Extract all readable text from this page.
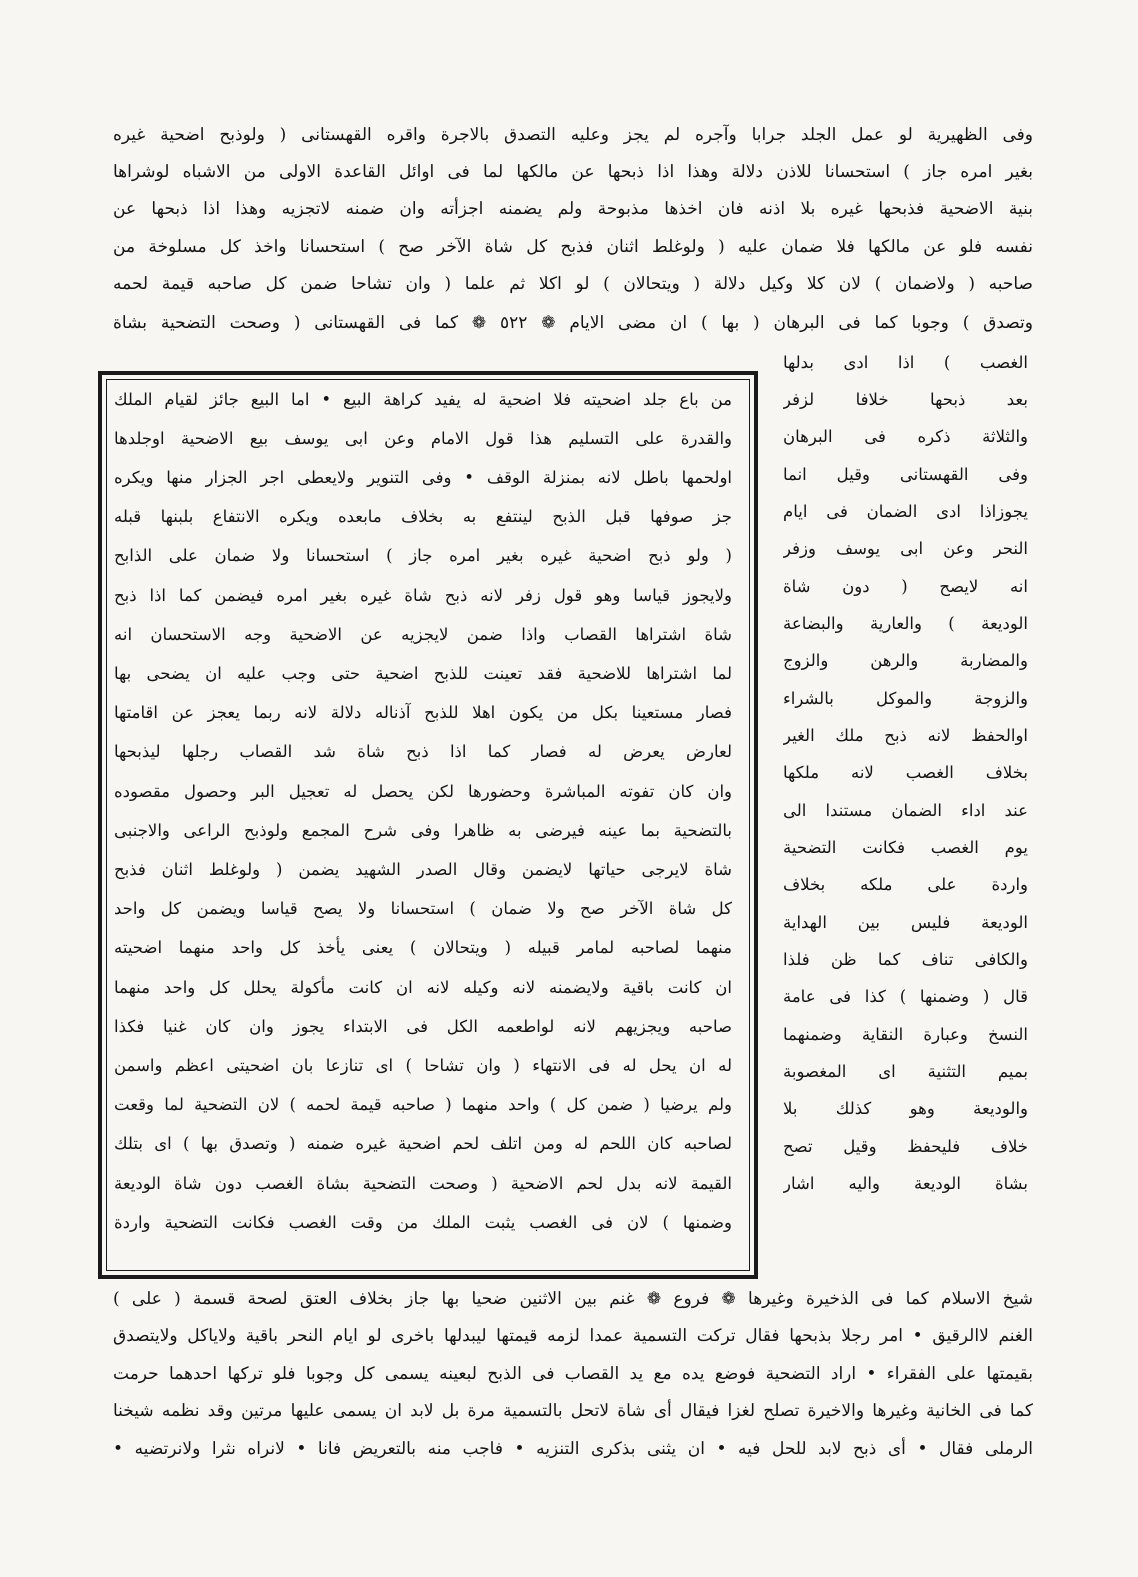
وفى الظهيرية لو عمل الجلد جرابا وآجره لم يجز وعليه التصدق بالاجرة واقره القهستانى ( ولوذبح اضحية غيره
بغير امره جاز ) استحسانا للاذن دلالة وهذا اذا ذبحها عن مالكها لما فى اوائل القاعدة الاولى من الاشباه لوشراها
بنية الاضحية فذبحها غيره بلا اذنه فان اخذها مذبوحة ولم يضمنه اجزأته وان ضمنه لاتجزيه وهذا اذا ذبحها عن
نفسه فلو عن مالكها فلا ضمان عليه ( ولوغلط اثنان فذبح كل شاة الآخر صح ) استحسانا واخذ كل مسلوخة من
صاحبه ( ولاضمان ) لان كلا وكيل دلالة ( ويتحالان ) لو اكلا ثم علما ( وان تشاحا ضمن كل صاحبه قيمة لحمه
وتصدق ) وجوبا كما فى البرهان ( بها ) ان مضى الايام ❁ ٥٢٢ ❁ كما فى القهستانى ( وصحت التضحية بشاة
الغصب ) اذا ادى بدلها
بعد ذبحها خلافا لزفر
والثلاثة ذكره فى البرهان
وفى القهستانى وقيل انما
يجوزاذا ادى الضمان فى ايام
النحر وعن ابى يوسف وزفر
انه لايصح ( دون شاة
الوديعة ) والعارية والبضاعة
والمضاربة والرهن والزوج
والزوجة والموكل بالشراء
اوالحفظ لانه ذبح ملك الغير
بخلاف الغصب لانه ملكها
عند اداء الضمان مستندا الى
يوم الغصب فكانت التضحية
واردة على ملكه بخلاف
الوديعة فليس بين الهداية
والكافى تناف كما ظن فلذا
قال ( وضمنها ) كذا فى عامة
النسخ وعبارة النقاية وضمنهما
بميم التثنية اى المغصوبة
والوديعة وهو كذلك بلا
خلاف فليحفظ وقيل تصح
بشاة الوديعة واليه اشار
من باع جلد اضحيته فلا اضحية له يفيد كراهة البيع • اما البيع جائز لقيام الملك
والقدرة على التسليم هذا قول الامام وعن ابى يوسف بيع الاضحية اوجلدها
اولحمها باطل لانه بمنزلة الوقف • وفى التنوير ولايعطى اجر الجزار منها ويكره
جز صوفها قبل الذبح لينتفع به بخلاف مابعده ويكره الانتفاع بلبنها قبله
( ولو ذبح اضحية غيره بغير امره جاز ) استحسانا ولا ضمان على الذابح
ولايجوز قياسا وهو قول زفر لانه ذبح شاة غيره بغير امره فيضمن كما اذا ذبح
شاة اشتراها القصاب واذا ضمن لايجزيه عن الاضحية وجه الاستحسان انه
لما اشتراها للاضحية فقد تعينت للذبح اضحية حتى وجب عليه ان يضحى بها
فصار مستعينا بكل من يكون اهلا للذبح آذناله دلالة لانه ربما يعجز عن اقامتها
لعارض يعرض له فصار كما اذا ذبح شاة شد القصاب رجلها ليذبحها
وان كان تفوته المباشرة وحضورها لكن يحصل له تعجيل البر وحصول مقصوده
بالتضحية بما عينه فيرضى به ظاهرا وفى شرح المجمع ولوذبح الراعى والاجنبى
شاة لايرجى حياتها لايضمن وقال الصدر الشهيد يضمن ( ولوغلط اثنان فذبح
كل شاة الآخر صح ولا ضمان ) استحسانا ولا يصح قياسا ويضمن كل واحد
منهما لصاحبه لمامر قبيله ( ويتحالان ) يعنى يأخذ كل واحد منهما اضحيته
ان كانت باقية ولايضمنه لانه وكيله لانه ان كانت مأكولة يحلل كل واحد منهما
صاحبه ويجزيهم لانه لواطعمه الكل فى الابتداء يجوز وان كان غنيا فكذا
له ان يحل له فى الانتهاء ( وان تشاحا ) اى تنازعا بان اضحيتى اعظم واسمن
ولم يرضيا ( ضمن كل ) واحد منهما ( صاحبه قيمة لحمه ) لان التضحية لما وقعت
لصاحبه كان اللحم له ومن اتلف لحم اضحية غيره ضمنه ( وتصدق بها ) اى بتلك
القيمة لانه بدل لحم الاضحية ( وصحت التضحية بشاة الغصب دون شاة الوديعة
وضمنها ) لان فى الغصب يثبت الملك من وقت الغصب فكانت التضحية واردة
شيخ الاسلام كما فى الذخيرة وغيرها ❁ فروع ❁ غنم بين الاثنين ضحيا بها جاز بخلاف العتق لصحة قسمة ( على )
الغنم لاالرقيق • امر رجلا بذبحها فقال تركت التسمية عمدا لزمه قيمتها ليبدلها باخرى لو ايام النحر باقية ولاياكل ولايتصدق
بقيمتها على الفقراء • اراد التضحية فوضع يده مع يد القصاب فى الذبح لبعينه يسمى كل وجوبا فلو تركها احدهما حرمت
كما فى الخانية وغيرها والاخيرة تصلح لغزا فيقال أى شاة لاتحل بالتسمية مرة بل لابد ان يسمى عليها مرتين وقد نظمه شيخنا
الرملى فقال • أى ذبح لابد للحل فيه • ان يثنى بذكرى التنزيه • فاجب منه بالتعريض فانا • لانراه نثرا ولانرتضيه •
